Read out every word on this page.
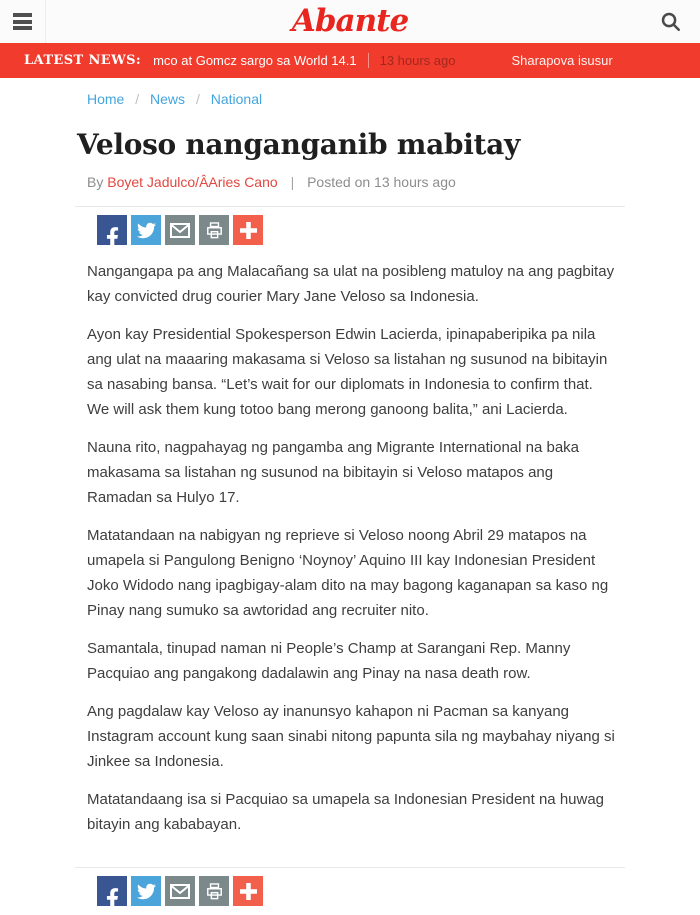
Abante
LATEST NEWS: mco at Gomcz sargo sa World 14.1 13 hours ago	Sharapova isusur
Home / News / National
Veloso nanganganib mabitay
By Boyet Jadulco/ÂAries Cano | Posted on 13 hours ago

Nangangapa pa ang Malacañang sa ulat na posibleng matuloy na ang pagbitay kay convicted drug courier Mary Jane Veloso sa Indonesia.

Ayon kay Presidential Spokesperson Edwin Lacierda, ipinapaberipika pa nila ang ulat na maaaring makasama si Veloso sa listahan ng susunod na bibitayin sa nasabing bansa. “Let’s wait for our diplomats in Indonesia to confirm that. We will ask them kung totoo bang merong ganoong balita,” ani Lacierda.

Nauna rito, nagpahayag ng pangamba ang Migrante International na baka makasama sa listahan ng susunod na bibitayin si Veloso matapos ang Ramadan sa Hulyo 17.

Matatandaan na nabigyan ng reprieve si Veloso noong Abril 29 matapos na umapela si Pangulong Benigno ‘Noynoy’ Aquino III kay Indonesian President Joko Widodo nang ipagbigay-alam dito na may bagong kaganapan sa kaso ng Pinay nang sumuko sa awtoridad ang recruiter nito.

Samantala, tinupad naman ni People’s Champ at Sarangani Rep. Manny Pacquiao ang pangakong dadalawin ang Pinay na nasa death row.

Ang pagdalaw kay Veloso ay inanunsyo kahapon ni Pacman sa kanyang Instagram account kung saan sinabi nitong papunta sila ng maybahay niyang si Jinkee sa Indonesia.

Matatandaang isa si Pacquiao sa umapela sa Indonesian President na huwag bitayin ang kababayan.
